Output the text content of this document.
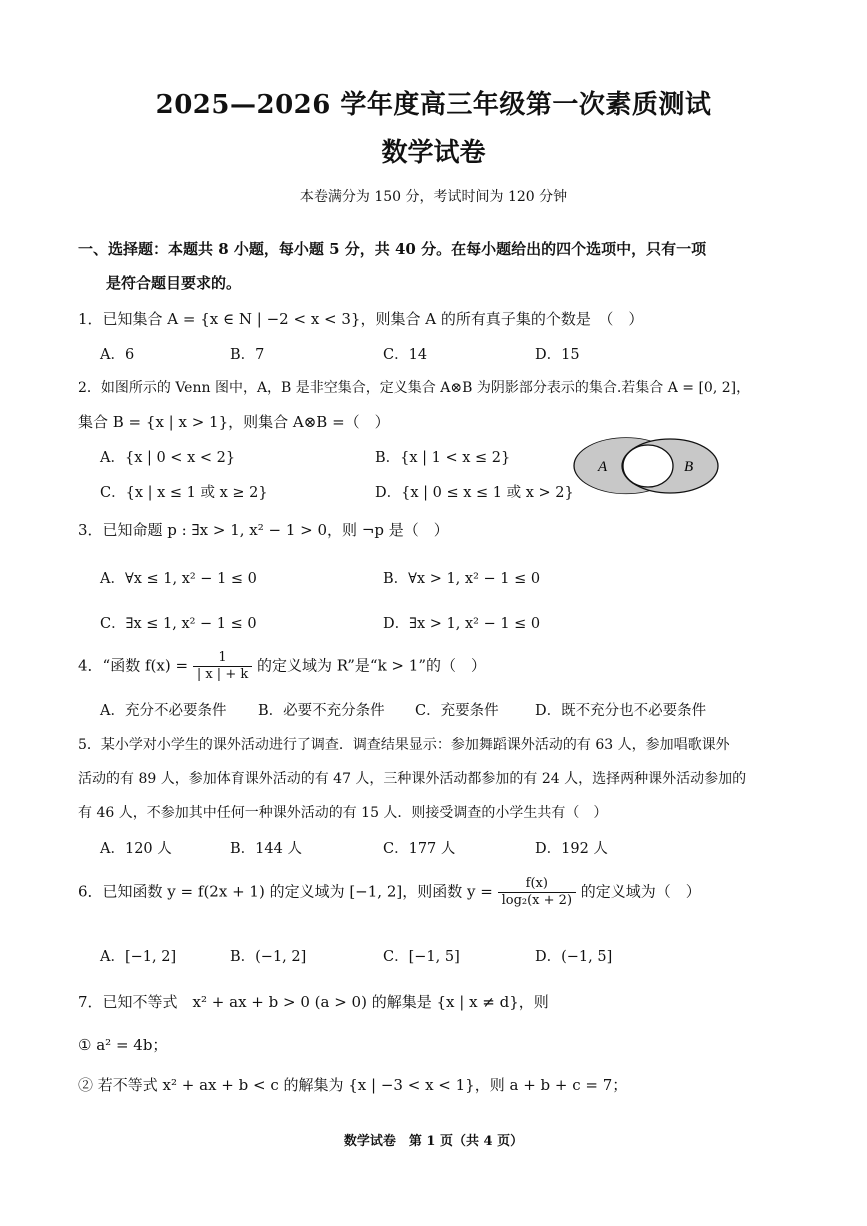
2025—2026 学年度高三年级第一次素质测试
数学试卷
本卷满分为 150 分，考试时间为 120 分钟
一、选择题：本题共 8 小题，每小题 5 分，共 40 分。在每小题给出的四个选项中，只有一项
是符合题目要求的。
1．已知集合 A = {x ∈ N | −2 < x < 3}，则集合 A 的所有真子集的个数是　（　）
A．6	B．7	C．14	D．15
2．如图所示的 Venn 图中，A，B 是非空集合，定义集合 A⊗B 为阴影部分表示的集合.若集合 A = [0, 2]，
集合 B = {x | x > 1}，则集合 A⊗B =（　）
A．{x | 0 < x < 2}	B．{x | 1 < x ≤ 2}
C．{x | x ≤ 1 或 x ≥ 2}	D．{x | 0 ≤ x ≤ 1 或 x > 2}
A	B
3．已知命题 p : ∃x > 1, x² − 1 > 0，则 ¬p 是（　）
A．∀x ≤ 1, x² − 1 ≤ 0	B．∀x > 1, x² − 1 ≤ 0
C．∃x ≤ 1, x² − 1 ≤ 0	D．∃x > 1, x² − 1 ≤ 0
4．“函数 $f(x) = \frac{1}{| x | + k}$ 的定义域为 R”是“k > 1”的（　）
A．充分不必要条件 B．必要不充分条件 C．充要条件	D．既不充分也不必要条件
5．某小学对小学生的课外活动进行了调查．调查结果显示：参加舞蹈课外活动的有 63 人，参加唱歌课外
活动的有 89 人，参加体育课外活动的有 47 人，三种课外活动都参加的有 24 人，选择两种课外活动参加的
有 46 人，不参加其中任何一种课外活动的有 15 人．则接受调查的小学生共有（　）
A．120 人	B．144 人	C．177 人	D．192 人
6．已知函数 y = f(2x + 1) 的定义域为 [−1, 2]，则函数 $y = \frac{f(x)}{\text{log₂(x + 2)}}$ 的定义域为（　）
A．[−1, 2]	B．(−1, 2]	C．[−1, 5]	D．(−1, 5]
7．已知不等式　x² + ax + b > 0 (a > 0) 的解集是 {x | x ≠ d}，则
① a² = 4b；
② 若不等式 x² + ax + b < c 的解集为 {x | −3 < x < 1}，则 a + b + c = 7；
数学试卷　第 1 页（共 4 页）
